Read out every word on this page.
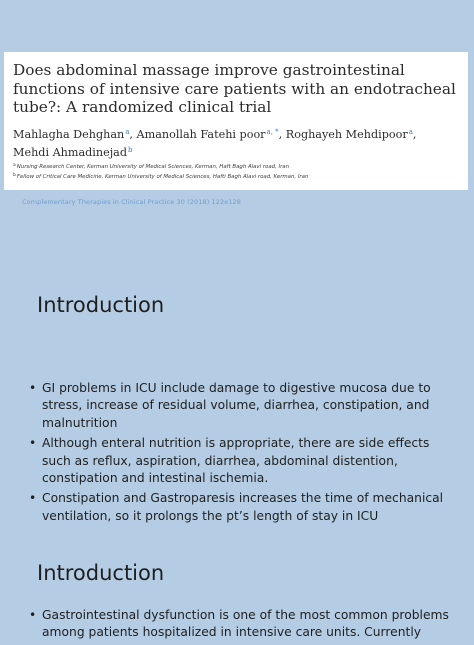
Does abdominal massage improve gastrointestinal functions of intensive care patients with an endotracheal tube?: A randomized clinical trial
Mahlagha Dehghan$^a$, Amanollah Fatehi poor$^{a, *}$, Roghayeh Mehdipoor$^a$,
Mehdi Ahmadinejad$^b$
$^a$Nursing Research Center, Kerman University of Medical Sciences, Kerman, Haft Bagh Alavi road, Iran
$^b$Fellow of Critical Care Medicine, Kerman University of Medical Sciences, Hafti Bagh Alavi road, Kerman, Iran
Complementary Therapies in Clinical Practice 30 (2018) 122e128
Introduction
• GI problems in ICU include damage to digestive mucosa due to stress, increase of residual volume, diarrhea, constipation, and malnutrition
• Although enteral nutrition is appropriate, there are side effects such as reflux, aspiration, diarrhea, abdominal distention, constipation and intestinal ischemia.
• Constipation and Gastroparesis increases the time of mechanical ventilation, so it prolongs the pt’s length of stay in ICU
Introduction
• Gastrointestinal dysfunction is one of the most common problems among patients hospitalized in intensive care units. Currently
